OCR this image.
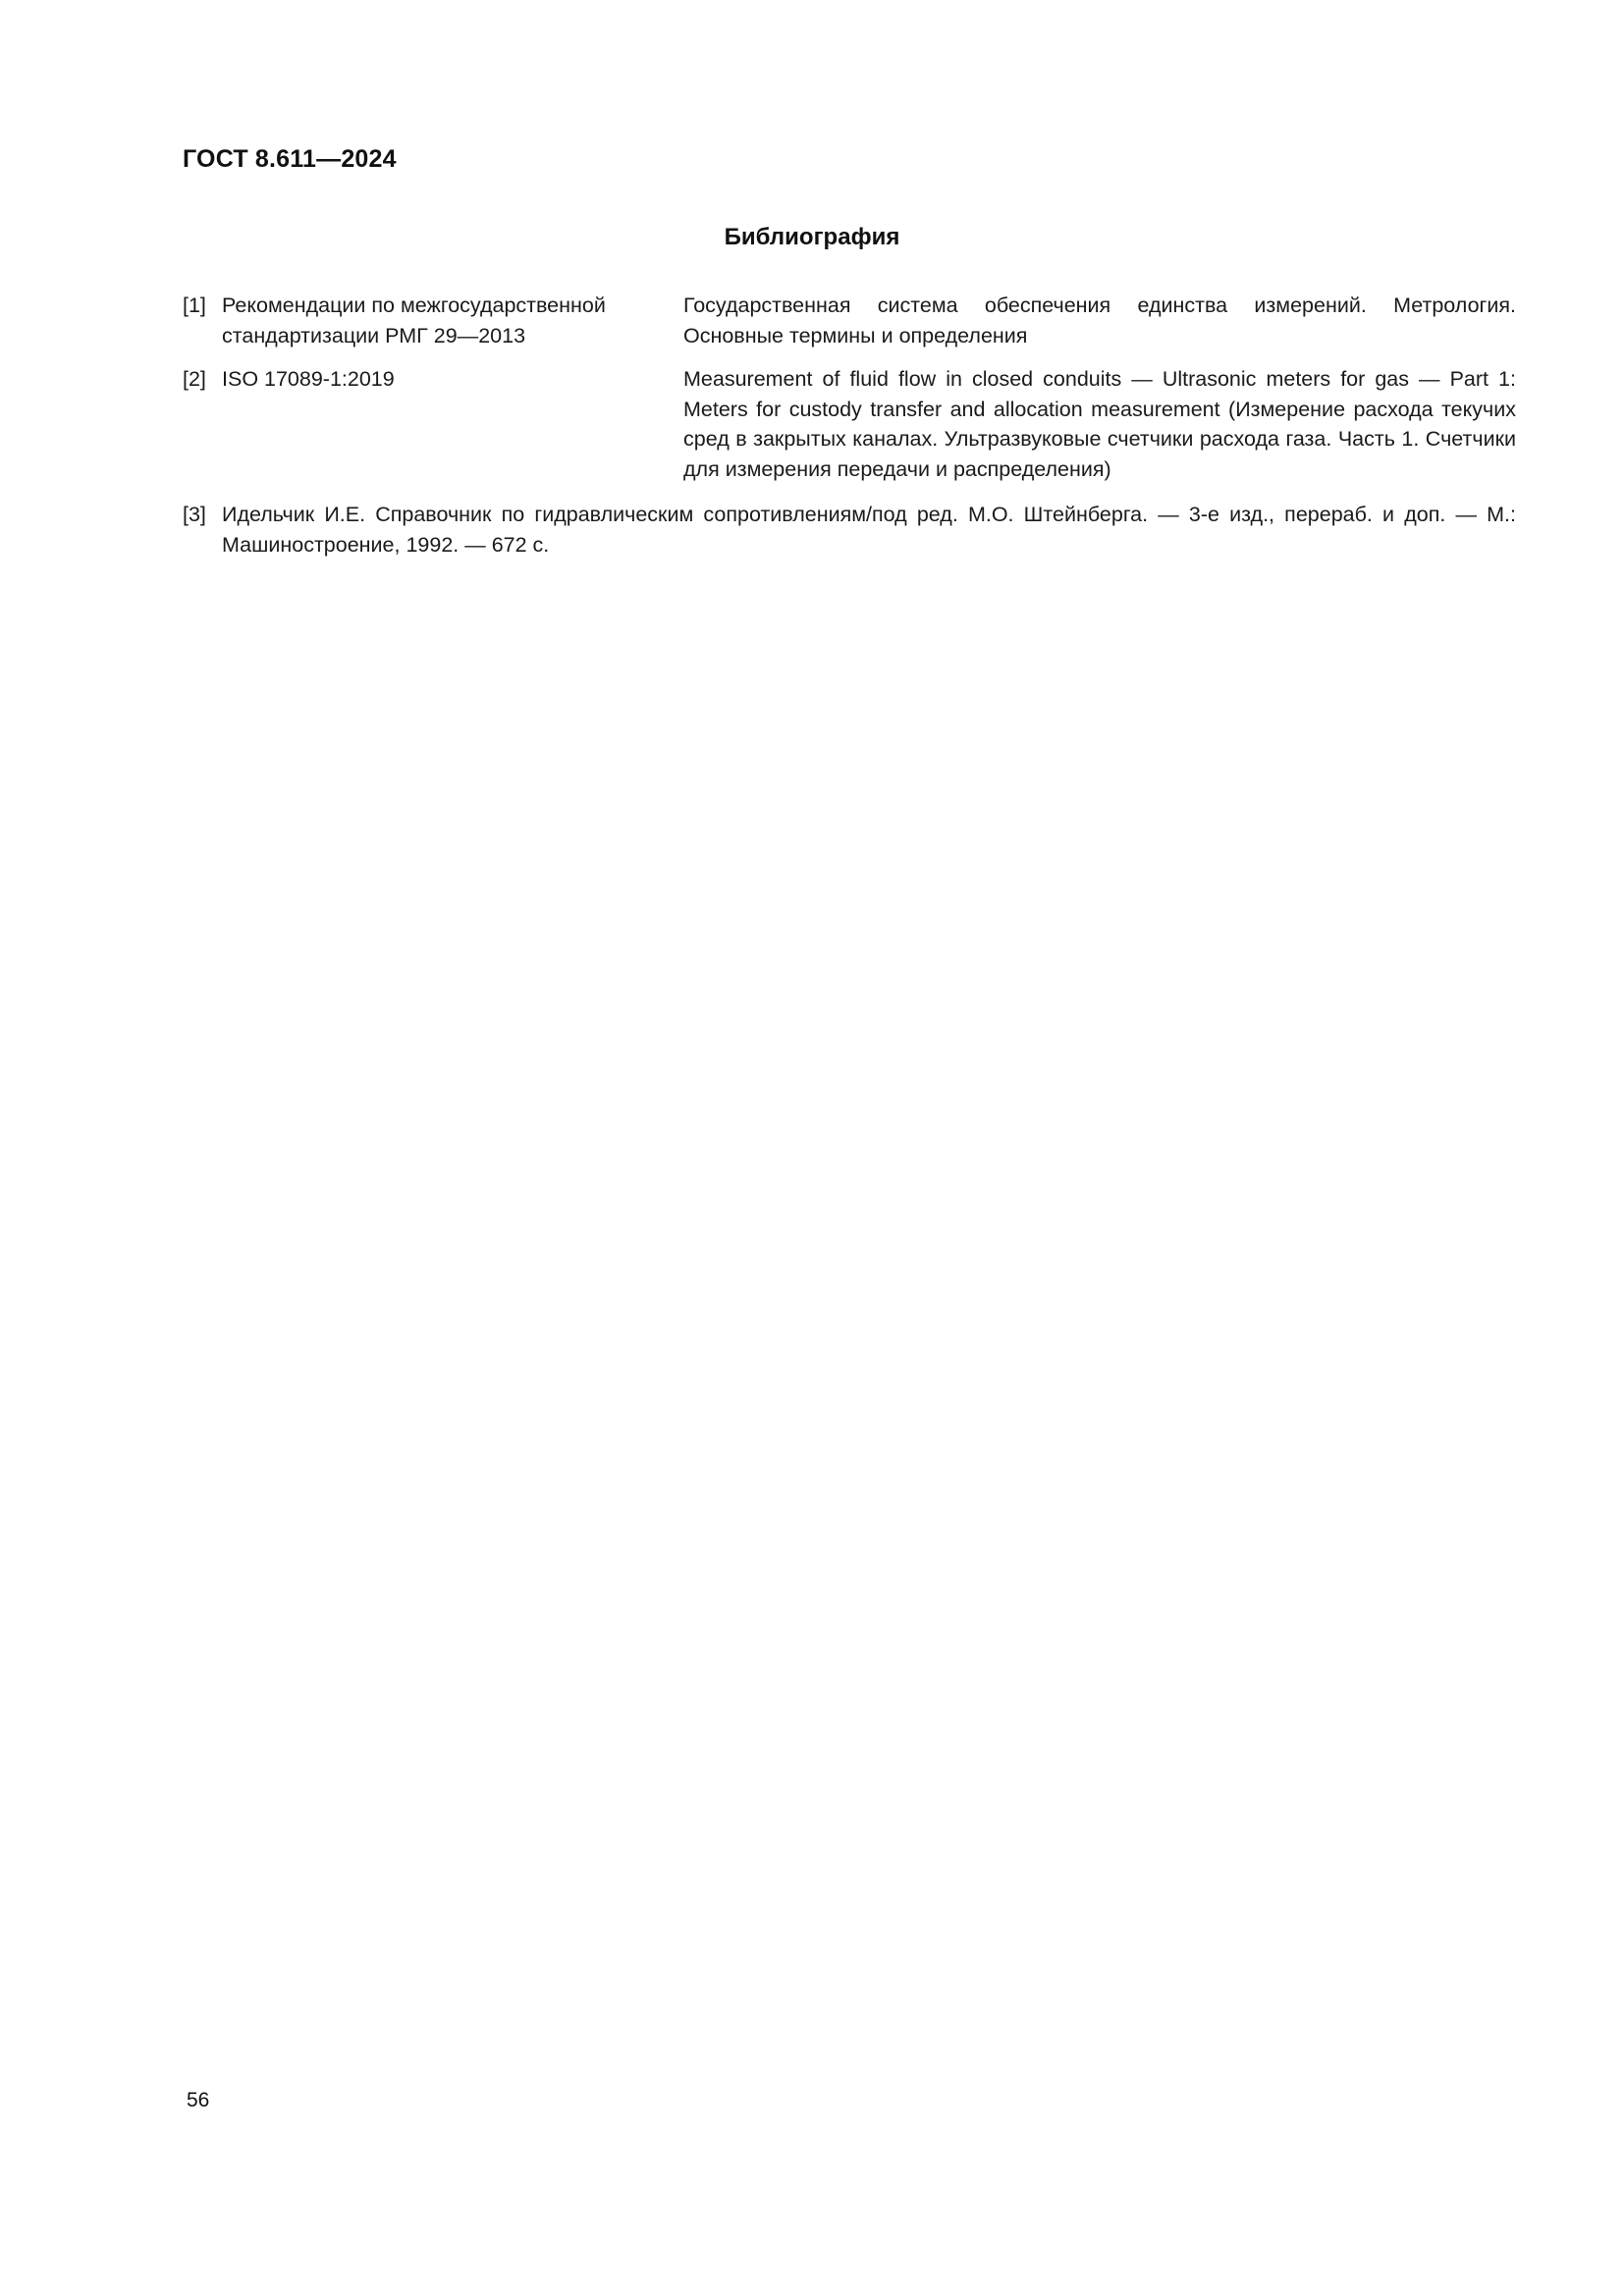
ГОСТ 8.611—2024
Библиография
[1] Рекомендации по межгосударственной стандартизации РМГ 29—2013
Государственная система обеспечения единства измерений. Метрология. Основные термины и определения
[2] ISO 17089-1:2019	Measurement of fluid flow in closed conduits — Ultrasonic meters for gas — Part 1: Meters for custody transfer and allocation measurement (Измерение расхода текучих сред в закрытых каналах. Ультразвуковые счетчики расхода газа. Часть 1. Счетчики для измерения передачи и распределения)
[3] Идельчик И.Е. Справочник по гидравлическим сопротивлениям/под ред. М.О. Штейнберга. — 3-е изд., перераб. и доп. — М.: Машиностроение, 1992. — 672 с.
56
